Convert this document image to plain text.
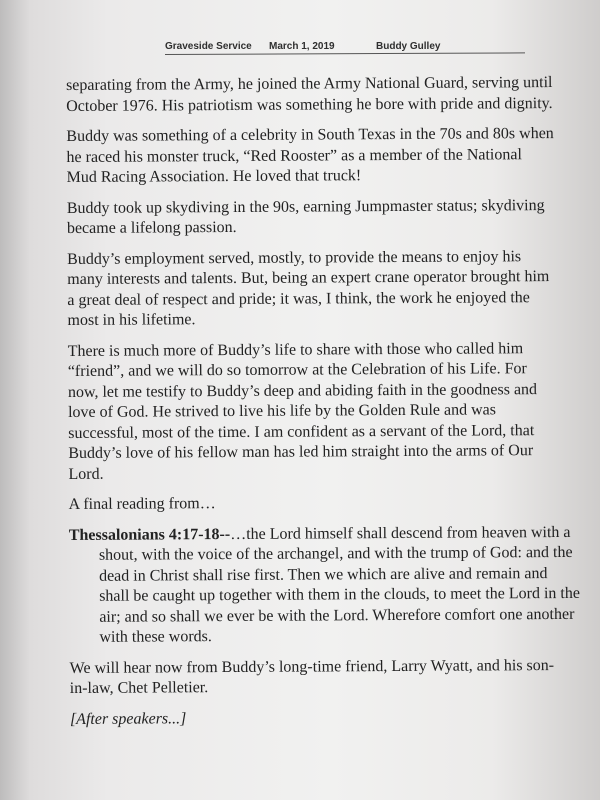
Graveside Service March 1, 2019	Buddy Gulley

separating from the Army, he joined the Army National Guard, serving until October 1976. His patriotism was something he bore with pride and dignity.

Buddy was something of a celebrity in South Texas in the 70s and 80s when he raced his monster truck, “Red Rooster” as a member of the National Mud Racing Association. He loved that truck!

Buddy took up skydiving in the 90s, earning Jumpmaster status; skydiving became a lifelong passion.

Buddy’s employment served, mostly, to provide the means to enjoy his many interests and talents. But, being an expert crane operator brought him a great deal of respect and pride; it was, I think, the work he enjoyed the most in his lifetime.

There is much more of Buddy’s life to share with those who called him “friend”, and we will do so tomorrow at the Celebration of his Life. For now, let me testify to Buddy’s deep and abiding faith in the goodness and love of God. He strived to live his life by the Golden Rule and was successful, most of the time. I am confident as a servant of the Lord, that Buddy’s love of his fellow man has led him straight into the arms of Our Lord.

A final reading from…

Thessalonians 4:17-18--…the Lord himself shall descend from heaven with a shout, with the voice of the archangel, and with the trump of God: and the dead in Christ shall rise first. Then we which are alive and remain and shall be caught up together with them in the clouds, to meet the Lord in the air; and so shall we ever be with the Lord. Wherefore comfort one another with these words.

We will hear now from Buddy’s long-time friend, Larry Wyatt, and his son-in-law, Chet Pelletier.

[After speakers...]
